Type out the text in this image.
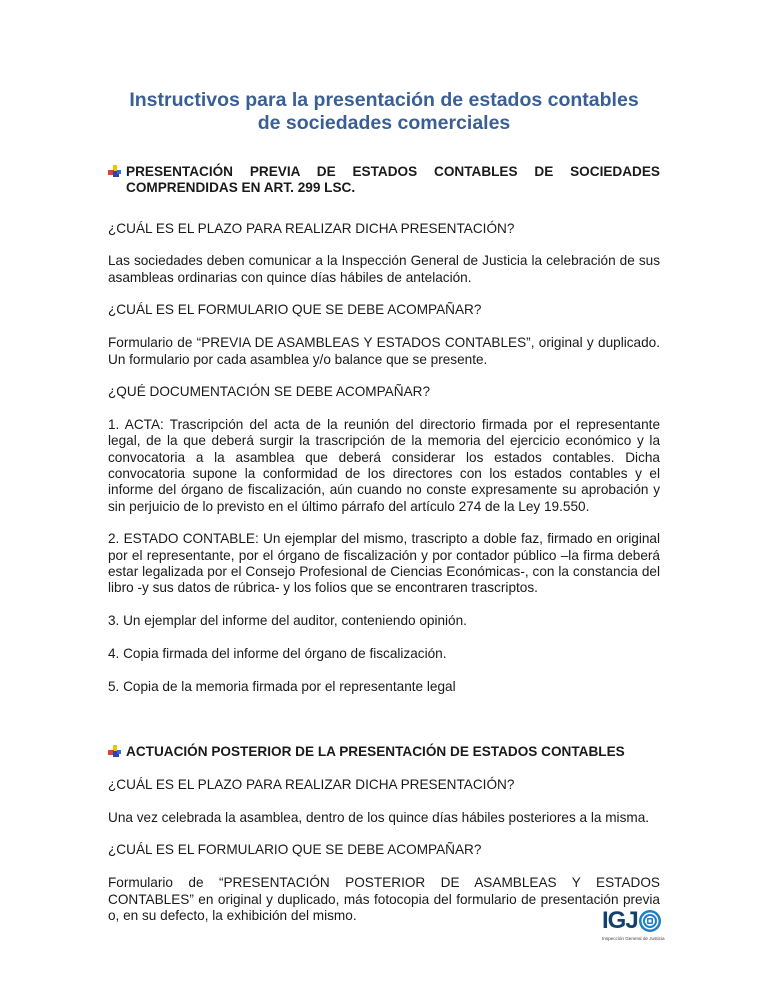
Instructivos para la presentación de estados contables
de sociedades comerciales
PRESENTACIÓN PREVIA DE ESTADOS CONTABLES DE SOCIEDADES COMPRENDIDAS EN ART. 299 LSC.

¿CUÁL ES EL PLAZO PARA REALIZAR DICHA PRESENTACIÓN?

Las sociedades deben comunicar a la Inspección General de Justicia la celebración de sus asambleas ordinarias con quince días hábiles de antelación.

¿CUÁL ES EL FORMULARIO QUE SE DEBE ACOMPAÑAR?

Formulario de “PREVIA DE ASAMBLEAS Y ESTADOS CONTABLES”, original y duplicado. Un formulario por cada asamblea y/o balance que se presente.

¿QUÉ DOCUMENTACIÓN SE DEBE ACOMPAÑAR?

1. ACTA: Trascripción del acta de la reunión del directorio firmada por el representante legal, de la que deberá surgir la trascripción de la memoria del ejercicio económico y la convocatoria a la asamblea que deberá considerar los estados contables. Dicha convocatoria supone la conformidad de los directores con los estados contables y el informe del órgano de fiscalización, aún cuando no conste expresamente su aprobación y sin perjuicio de lo previsto en el último párrafo del artículo 274 de la Ley 19.550.

2. ESTADO CONTABLE: Un ejemplar del mismo, trascripto a doble faz, firmado en original por el representante, por el órgano de fiscalización y por contador público –la firma deberá estar legalizada por el Consejo Profesional de Ciencias Económicas-, con la constancia del libro -y sus datos de rúbrica- y los folios que se encontraren trascriptos.

3. Un ejemplar del informe del auditor, conteniendo opinión.

4. Copia firmada del informe del órgano de fiscalización.

5. Copia de la memoria firmada por el representante legal

ACTUACIÓN POSTERIOR DE LA PRESENTACIÓN DE ESTADOS CONTABLES

¿CUÁL ES EL PLAZO PARA REALIZAR DICHA PRESENTACIÓN?

Una vez celebrada la asamblea, dentro de los quince días hábiles posteriores a la misma.

¿CUÁL ES EL FORMULARIO QUE SE DEBE ACOMPAÑAR?

Formulario de “PRESENTACIÓN POSTERIOR DE ASAMBLEAS Y ESTADOS CONTABLES” en original y duplicado, más fotocopia del formulario de presentación previa o, en su defecto, la exhibición del mismo.	IGJ
Inspección General de Justicia
